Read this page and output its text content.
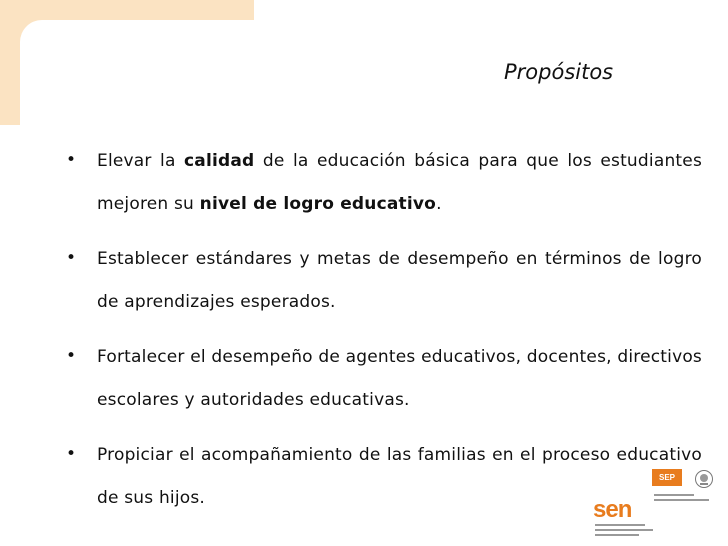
Propósitos
• Elevar la calidad de la educación básica para que los estudiantes mejoren su nivel de logro educativo.
• Establecer estándares y metas de desempeño en términos de logro de aprendizajes esperados.
• Fortalecer el desempeño de agentes educativos, docentes, directivos escolares y autoridades educativas.
• Propiciar el acompañamiento de las familias en el proceso educativo de sus hijos.
SEP
sen
